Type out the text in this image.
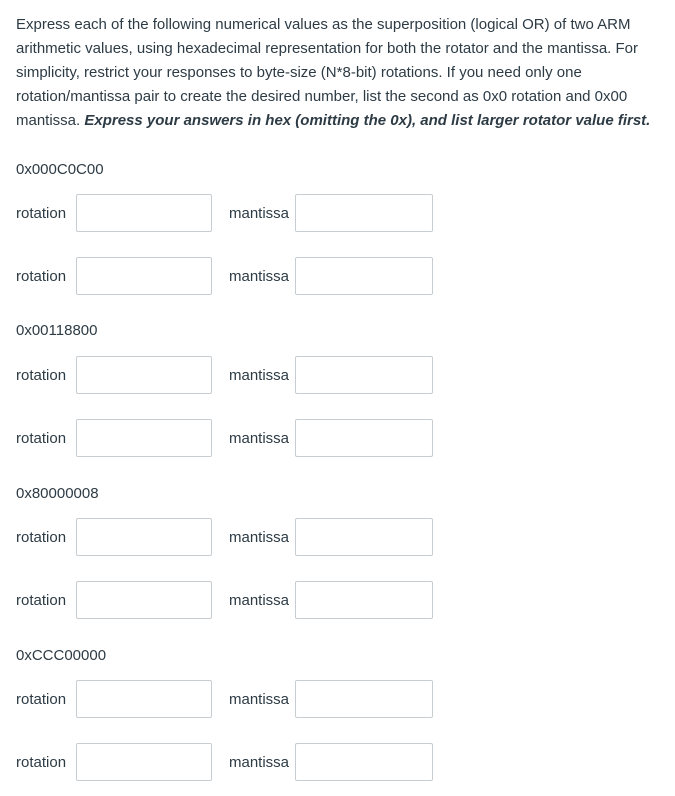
Express each of the following numerical values as the superposition (logical OR) of two ARM arithmetic values, using hexadecimal representation for both the rotator and the mantissa. For simplicity, restrict your responses to byte-size (N*8-bit) rotations. If you need only one rotation/mantissa pair to create the desired number, list the second as 0x0 rotation and 0x00 mantissa. Express your answers in hex (omitting the 0x), and list larger rotator value first.
0x000C0C00
rotation	mantissa
rotation	mantissa
0x00118800
rotation	mantissa
rotation	mantissa
0x80000008
rotation	mantissa
rotation	mantissa
0xCCC00000
rotation	mantissa
rotation	mantissa
